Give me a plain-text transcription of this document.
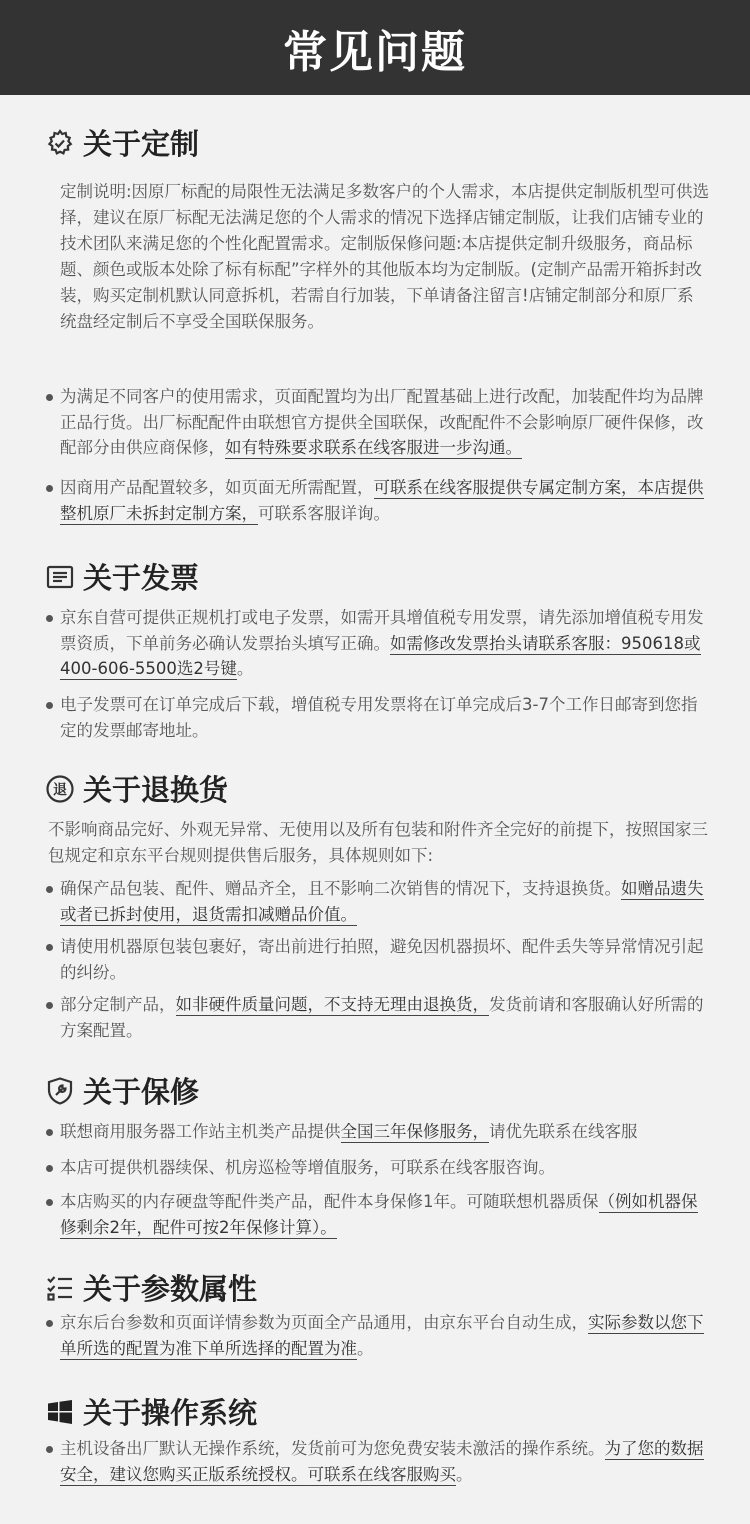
常见问题
关于定制
定制说明:因原厂标配的局限性无法满足多数客户的个人需求，本店提供定制版机型可供选择，建议在原厂标配无法满足您的个人需求的情况下选择店铺定制版，让我们店铺专业的技术团队来满足您的个性化配置需求。定制版保修问题:本店提供定制升级服务，商品标题、颜色或版本处除了标有标配”字样外的其他版本均为定制版。(定制产品需开箱拆封改装，购买定制机默认同意拆机，若需自行加装，下单请备注留言!店铺定制部分和原厂系统盘经定制后不享受全国联保服务。
为满足不同客户的使用需求，页面配置均为出厂配置基础上进行改配，加装配件均为品牌正品行货。出厂标配配件由联想官方提供全国联保，改配配件不会影响原厂硬件保修，改配部分由供应商保修，如有特殊要求联系在线客服进一步沟通。
因商用产品配置较多，如页面无所需配置，可联系在线客服提供专属定制方案，本店提供整机原厂未拆封定制方案，可联系客服详询。
关于发票
京东自营可提供正规机打或电子发票，如需开具增值税专用发票，请先添加增值税专用发票资质，下单前务必确认发票抬头填写正确。如需修改发票抬头请联系客服：950618或400-606-5500选2号键。
电子发票可在订单完成后下载，增值税专用发票将在订单完成后3-7个工作日邮寄到您指定的发票邮寄地址。
退 关于退换货
不影响商品完好、外观无异常、无使用以及所有包装和附件齐全完好的前提下，按照国家三包规定和京东平台规则提供售后服务，具体规则如下:
确保产品包装、配件、赠品齐全，且不影响二次销售的情况下，支持退换货。如赠品遗失或者已拆封使用，退货需扣减赠品价值。
请使用机器原包装包裹好，寄出前进行拍照，避免因机器损坏、配件丢失等异常情况引起的纠纷。
部分定制产品，如非硬件质量问题，不支持无理由退换货，发货前请和客服确认好所需的方案配置。
关于保修
联想商用服务器工作站主机类产品提供全国三年保修服务，请优先联系在线客服
本店可提供机器续保、机房巡检等增值服务，可联系在线客服咨询。
本店购买的内存硬盘等配件类产品，配件本身保修1年。可随联想机器质保（例如机器保修剩余2年，配件可按2年保修计算）。
关于参数属性
京东后台参数和页面详情参数为页面全产品通用，由京东平台自动生成，实际参数以您下单所选的配置为准下单所选择的配置为准。
关于操作系统
主机设备出厂默认无操作系统，发货前可为您免费安装未激活的操作系统。为了您的数据安全，建议您购买正版系统授权。可联系在线客服购买。
